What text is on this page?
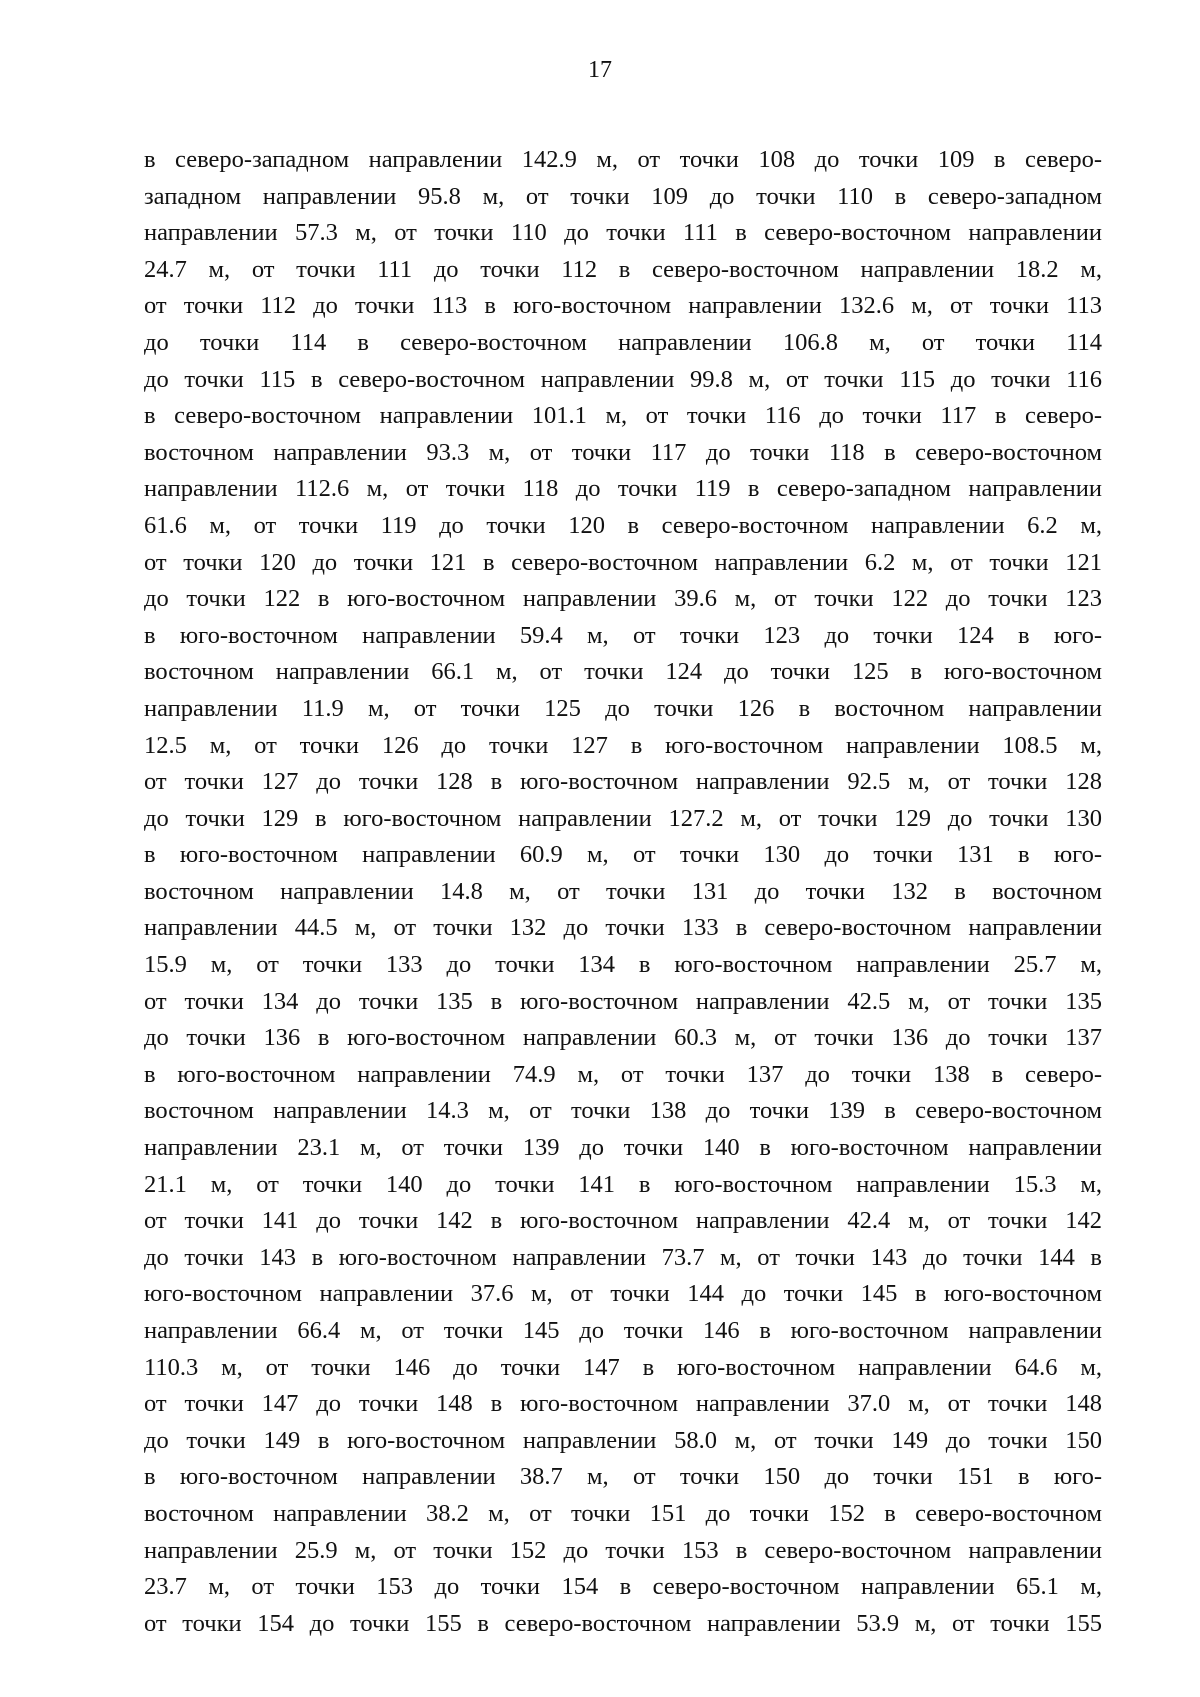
17
в северо-западном направлении 142.9 м, от точки 108 до точки 109 в северо-
западном направлении 95.8 м, от точки 109 до точки 110 в северо-западном
направлении 57.3 м, от точки 110 до точки 111 в северо-восточном направлении
24.7 м, от точки 111 до точки 112 в северо-восточном направлении 18.2 м,
от точки 112 до точки 113 в юго-восточном направлении 132.6 м, от точки 113
до точки 114 в северо-восточном направлении 106.8 м, от точки 114
до точки 115 в северо-восточном направлении 99.8 м, от точки 115 до точки 116
в северо-восточном направлении 101.1 м, от точки 116 до точки 117 в северо-
восточном направлении 93.3 м, от точки 117 до точки 118 в северо-восточном
направлении 112.6 м, от точки 118 до точки 119 в северо-западном направлении
61.6 м, от точки 119 до точки 120 в северо-восточном направлении 6.2 м,
от точки 120 до точки 121 в северо-восточном направлении 6.2 м, от точки 121
до точки 122 в юго-восточном направлении 39.6 м, от точки 122 до точки 123
в юго-восточном направлении 59.4 м, от точки 123 до точки 124 в юго-
восточном направлении 66.1 м, от точки 124 до точки 125 в юго-восточном
направлении 11.9 м, от точки 125 до точки 126 в восточном направлении
12.5 м, от точки 126 до точки 127 в юго-восточном направлении 108.5 м,
от точки 127 до точки 128 в юго-восточном направлении 92.5 м, от точки 128
до точки 129 в юго-восточном направлении 127.2 м, от точки 129 до точки 130
в юго-восточном направлении 60.9 м, от точки 130 до точки 131 в юго-
восточном направлении 14.8 м, от точки 131 до точки 132 в восточном
направлении 44.5 м, от точки 132 до точки 133 в северо-восточном направлении
15.9 м, от точки 133 до точки 134 в юго-восточном направлении 25.7 м,
от точки 134 до точки 135 в юго-восточном направлении 42.5 м, от точки 135
до точки 136 в юго-восточном направлении 60.3 м, от точки 136 до точки 137
в юго-восточном направлении 74.9 м, от точки 137 до точки 138 в северо-
восточном направлении 14.3 м, от точки 138 до точки 139 в северо-восточном
направлении 23.1 м, от точки 139 до точки 140 в юго-восточном направлении
21.1 м, от точки 140 до точки 141 в юго-восточном направлении 15.3 м,
от точки 141 до точки 142 в юго-восточном направлении 42.4 м, от точки 142
до точки 143 в юго-восточном направлении 73.7 м, от точки 143 до точки 144 в
юго-восточном направлении 37.6 м, от точки 144 до точки 145 в юго-восточном
направлении 66.4 м, от точки 145 до точки 146 в юго-восточном направлении
110.3 м, от точки 146 до точки 147 в юго-восточном направлении 64.6 м,
от точки 147 до точки 148 в юго-восточном направлении 37.0 м, от точки 148
до точки 149 в юго-восточном направлении 58.0 м, от точки 149 до точки 150
в юго-восточном направлении 38.7 м, от точки 150 до точки 151 в юго-
восточном направлении 38.2 м, от точки 151 до точки 152 в северо-восточном
направлении 25.9 м, от точки 152 до точки 153 в северо-восточном направлении
23.7 м, от точки 153 до точки 154 в северо-восточном направлении 65.1 м,
от точки 154 до точки 155 в северо-восточном направлении 53.9 м, от точки 155
